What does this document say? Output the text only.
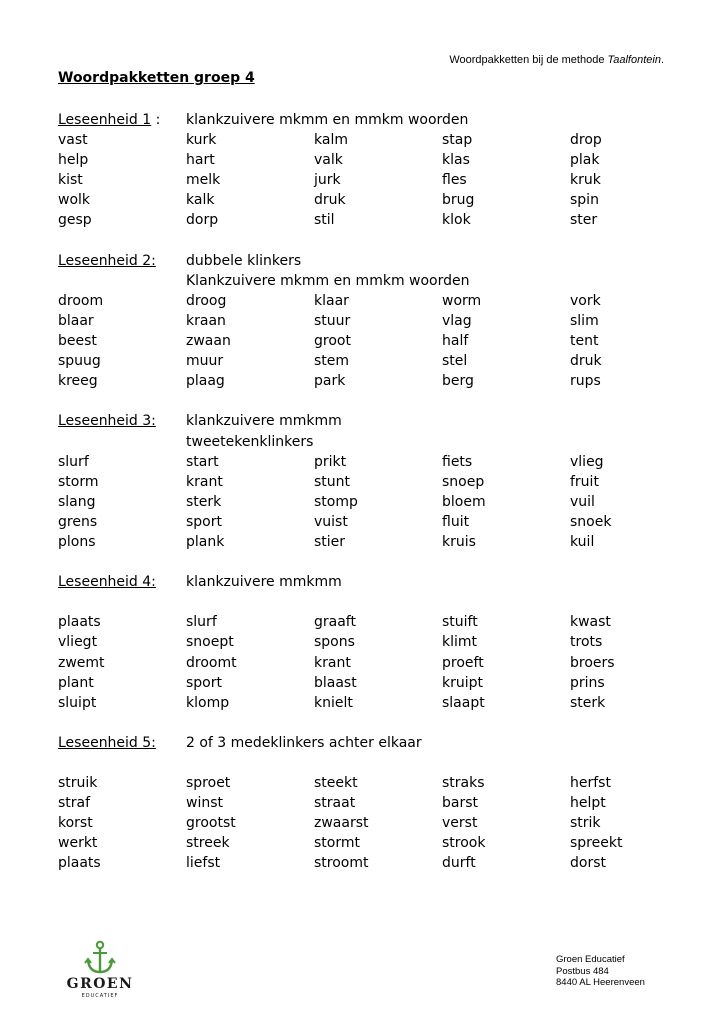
Woordpakketten bij de methode Taalfontein.
Woordpakketten groep 4
Leseenheid 1 : klankzuivere mkmm en mmkm woorden
vast	kurk	kalm	stap	drop
help	hart	valk	klas	plak
kist	melk	jurk	fles	kruk
wolk	kalk	druk	brug	spin
gesp	dorp	stil	klok	ster
Leseenheid 2: dubbele klinkers
Klankzuivere mkmm en mmkm woorden
droom	droog	klaar	worm	vork
blaar	kraan	stuur	vlag	slim
beest	zwaan	groot	half	tent
spuug	muur	stem	stel	druk
kreeg	plaag	park	berg	rups
Leseenheid 3: klankzuivere mmkmm
tweetekenklinkers
slurf	start	prikt	fiets	vlieg
storm	krant	stunt	snoep	fruit
slang	sterk	stomp	bloem	vuil
grens	sport	vuist	fluit	snoek
plons	plank	stier	kruis	kuil
Leseenheid 4: klankzuivere mmkmm
plaats	slurf	graaft	stuift	kwast
vliegt	snoept	spons	klimt	trots
zwemt	droomt	krant	proeft	broers
plant	sport	blaast	kruipt	prins
sluipt	klomp	knielt	slaapt	sterk
Leseenheid 5: 2 of 3 medeklinkers achter elkaar
struik	sproet	steekt	straks	herfst
straf	winst	straat	barst	helpt
korst	grootst	zwaarst	verst	strik
werkt	streek	stormt	strook	spreekt
plaats	liefst	stroomt	durft	dorst
GROEN
EDUCATIEF
Groen Educatief
Postbus 484
8440 AL Heerenveen
